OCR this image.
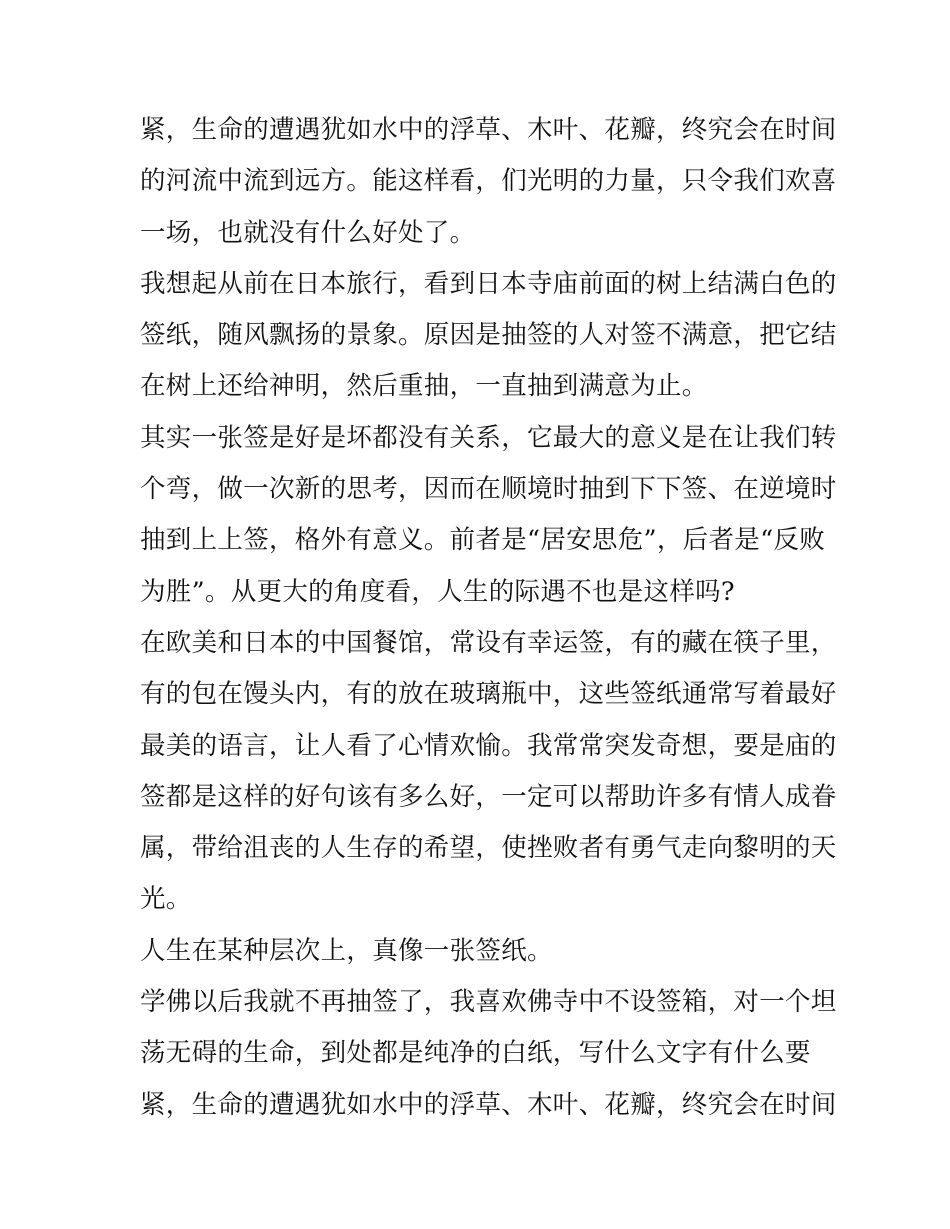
紧，生命的遭遇犹如水中的浮草、木叶、花瓣，终究会在时间
的河流中流到远方。能这样看，们光明的力量，只令我们欢喜
一场，也就没有什么好处了。
我想起从前在日本旅行，看到日本寺庙前面的树上结满白色的
签纸，随风飘扬的景象。原因是抽签的人对签不满意，把它结
在树上还给神明，然后重抽，一直抽到满意为止。
其实一张签是好是坏都没有关系，它最大的意义是在让我们转
个弯，做一次新的思考，因而在顺境时抽到下下签、在逆境时
抽到上上签，格外有意义。前者是“居安思危”，后者是“反败
为胜”。从更大的角度看，人生的际遇不也是这样吗?
在欧美和日本的中国餐馆，常设有幸运签，有的藏在筷子里，
有的包在馒头内，有的放在玻璃瓶中，这些签纸通常写着最好
最美的语言，让人看了心情欢愉。我常常突发奇想，要是庙的
签都是这样的好句该有多么好，一定可以帮助许多有情人成眷
属，带给沮丧的人生存的希望，使挫败者有勇气走向黎明的天
光。
人生在某种层次上，真像一张签纸。
学佛以后我就不再抽签了，我喜欢佛寺中不设签箱，对一个坦
荡无碍的生命，到处都是纯净的白纸，写什么文字有什么要
紧，生命的遭遇犹如水中的浮草、木叶、花瓣，终究会在时间
